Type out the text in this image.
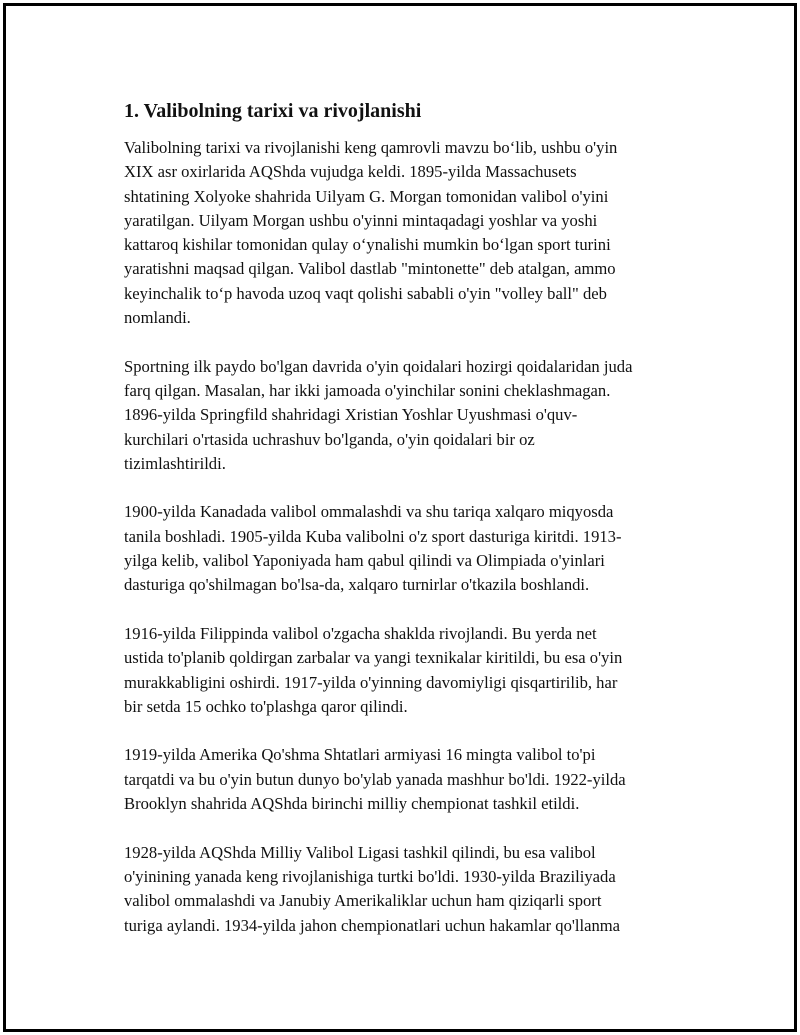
1. Valibolning tarixi va rivojlanishi

Valibolning tarixi va rivojlanishi keng qamrovli mavzu boʻlib, ushbu o'yin
XIX asr oxirlarida AQShda vujudga keldi. 1895-yilda Massachusets
shtatining Xolyoke shahrida Uilyam G. Morgan tomonidan valibol o'yini
yaratilgan. Uilyam Morgan ushbu o'yinni mintaqadagi yoshlar va yoshi
kattaroq kishilar tomonidan qulay oʻynalishi mumkin boʻlgan sport turini
yaratishni maqsad qilgan. Valibol dastlab "mintonette" deb atalgan, ammo
keyinchalik toʻp havoda uzoq vaqt qolishi sababli o'yin "volley ball" deb
nomlandi.

Sportning ilk paydo bo'lgan davrida o'yin qoidalari hozirgi qoidalaridan juda
farq qilgan. Masalan, har ikki jamoada o'yinchilar sonini cheklashmagan.
1896-yilda Springfild shahridagi Xristian Yoshlar Uyushmasi o'quv-
kurchilari o'rtasida uchrashuv bo'lganda, o'yin qoidalari bir oz
tizimlashtirildi.

1900-yilda Kanadada valibol ommalashdi va shu tariqa xalqaro miqyosda
tanila boshladi. 1905-yilda Kuba valibolni o'z sport dasturiga kiritdi. 1913-
yilga kelib, valibol Yaponiyada ham qabul qilindi va Olimpiada o'yinlari
dasturiga qo'shilmagan bo'lsa-da, xalqaro turnirlar o'tkazila boshlandi.

1916-yilda Filippinda valibol o'zgacha shaklda rivojlandi. Bu yerda net
ustida to'planib qoldirgan zarbalar va yangi texnikalar kiritildi, bu esa o'yin
murakkabligini oshirdi. 1917-yilda o'yinning davomiyligi qisqartirilib, har
bir setda 15 ochko to'plashga qaror qilindi.

1919-yilda Amerika Qo'shma Shtatlari armiyasi 16 mingta valibol to'pi
tarqatdi va bu o'yin butun dunyo bo'ylab yanada mashhur bo'ldi. 1922-yilda
Brooklyn shahrida AQShda birinchi milliy chempionat tashkil etildi.

1928-yilda AQShda Milliy Valibol Ligasi tashkil qilindi, bu esa valibol
o'yinining yanada keng rivojlanishiga turtki bo'ldi. 1930-yilda Braziliyada
valibol ommalashdi va Janubiy Amerikaliklar uchun ham qiziqarli sport
turiga aylandi. 1934-yilda jahon chempionatlari uchun hakamlar qo'llanma
